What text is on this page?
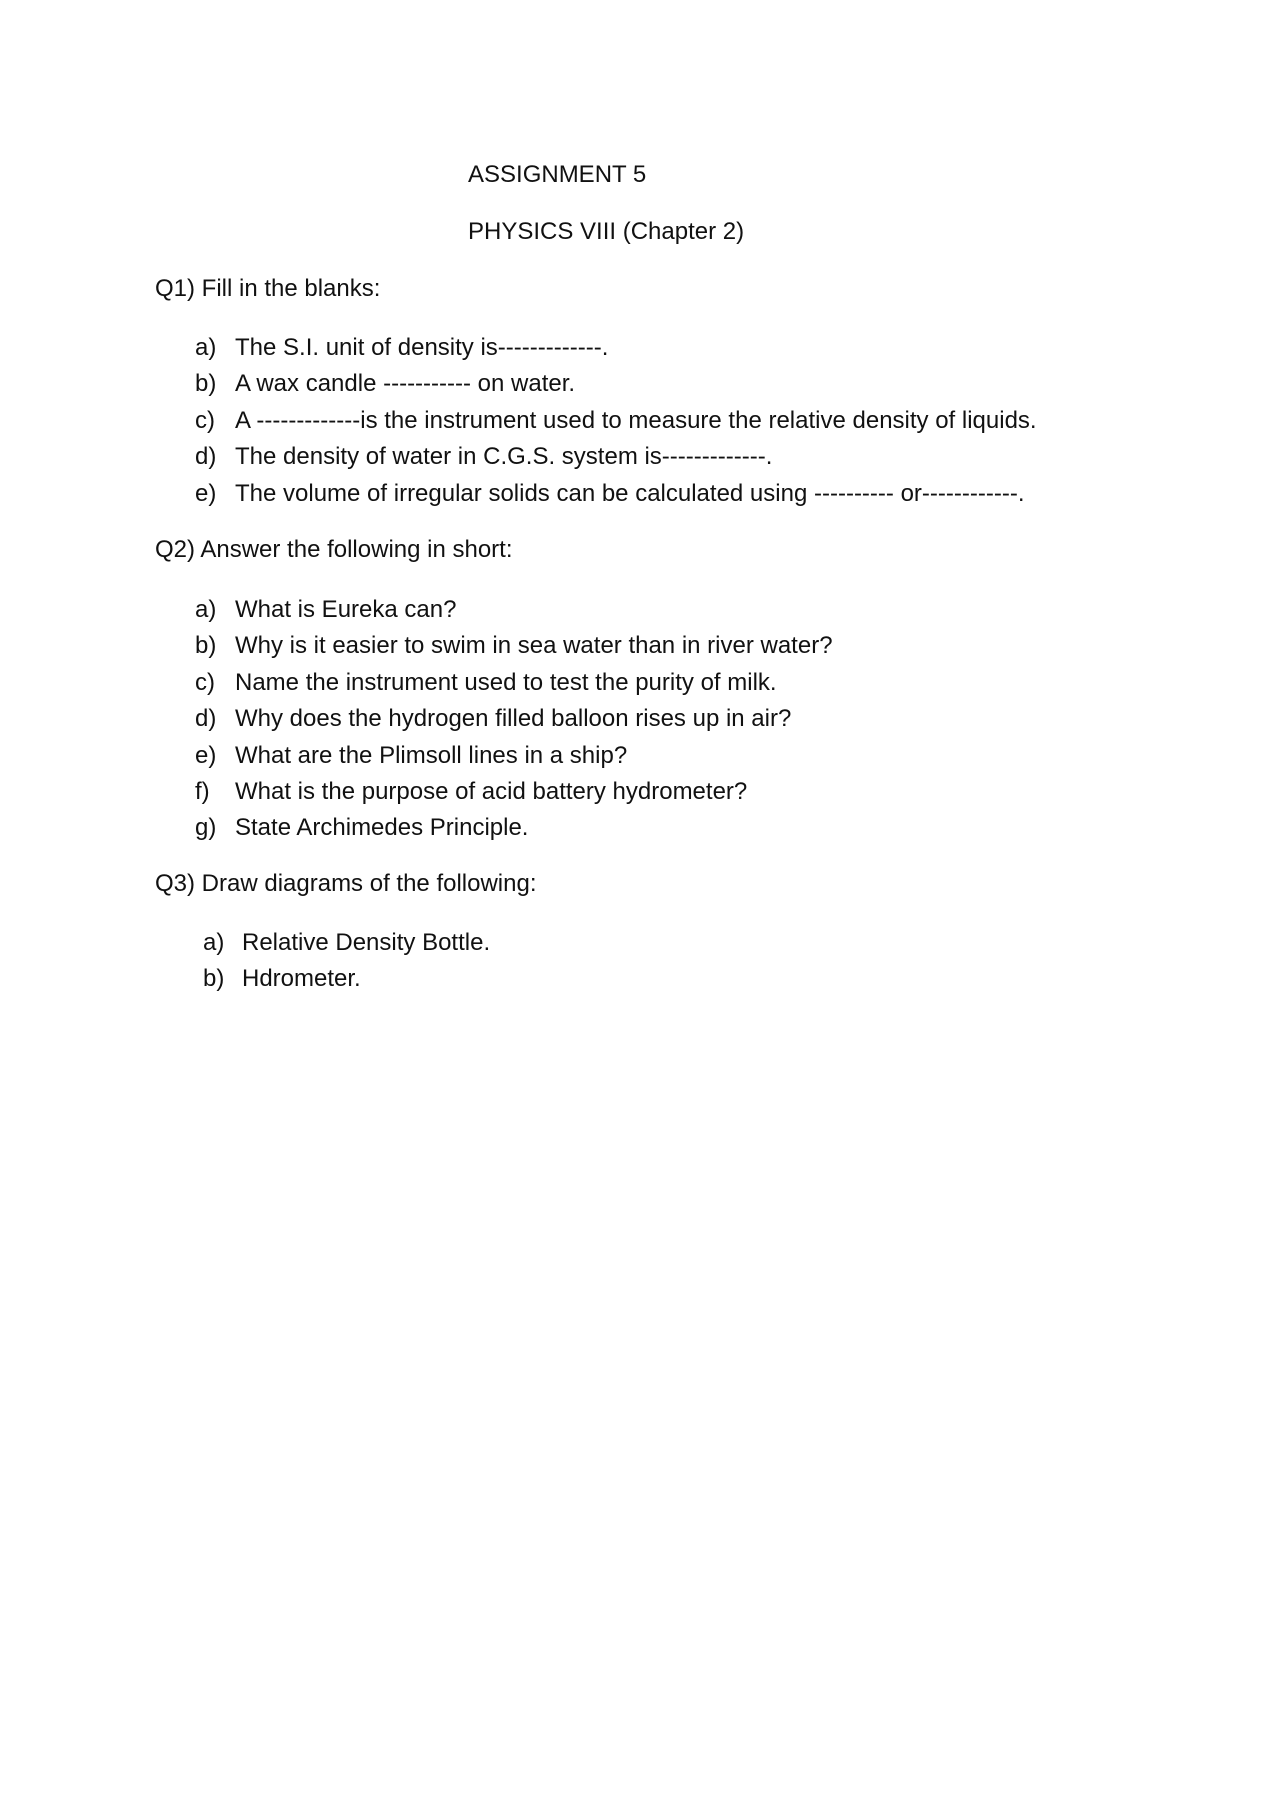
ASSIGNMENT 5
PHYSICS VIII (Chapter 2)
Q1) Fill in the blanks:
a) The S.I. unit of density is-------------.
b) A wax candle ----------- on water.
c) A -------------is the instrument used to measure the relative density of liquids.
d) The density of water in C.G.S. system is-------------.
e) The volume of irregular solids can be calculated using ---------- or------------.
Q2) Answer the following in short:
a) What is Eureka can?
b) Why is it easier to swim in sea water than in river water?
c) Name the instrument used to test the purity of milk.
d) Why does the hydrogen filled balloon rises up in air?
e) What are the Plimsoll lines in a ship?
f) What is the purpose of acid battery hydrometer?
g) State Archimedes Principle.
Q3) Draw diagrams of the following:
a) Relative Density Bottle.
b) Hdrometer.
